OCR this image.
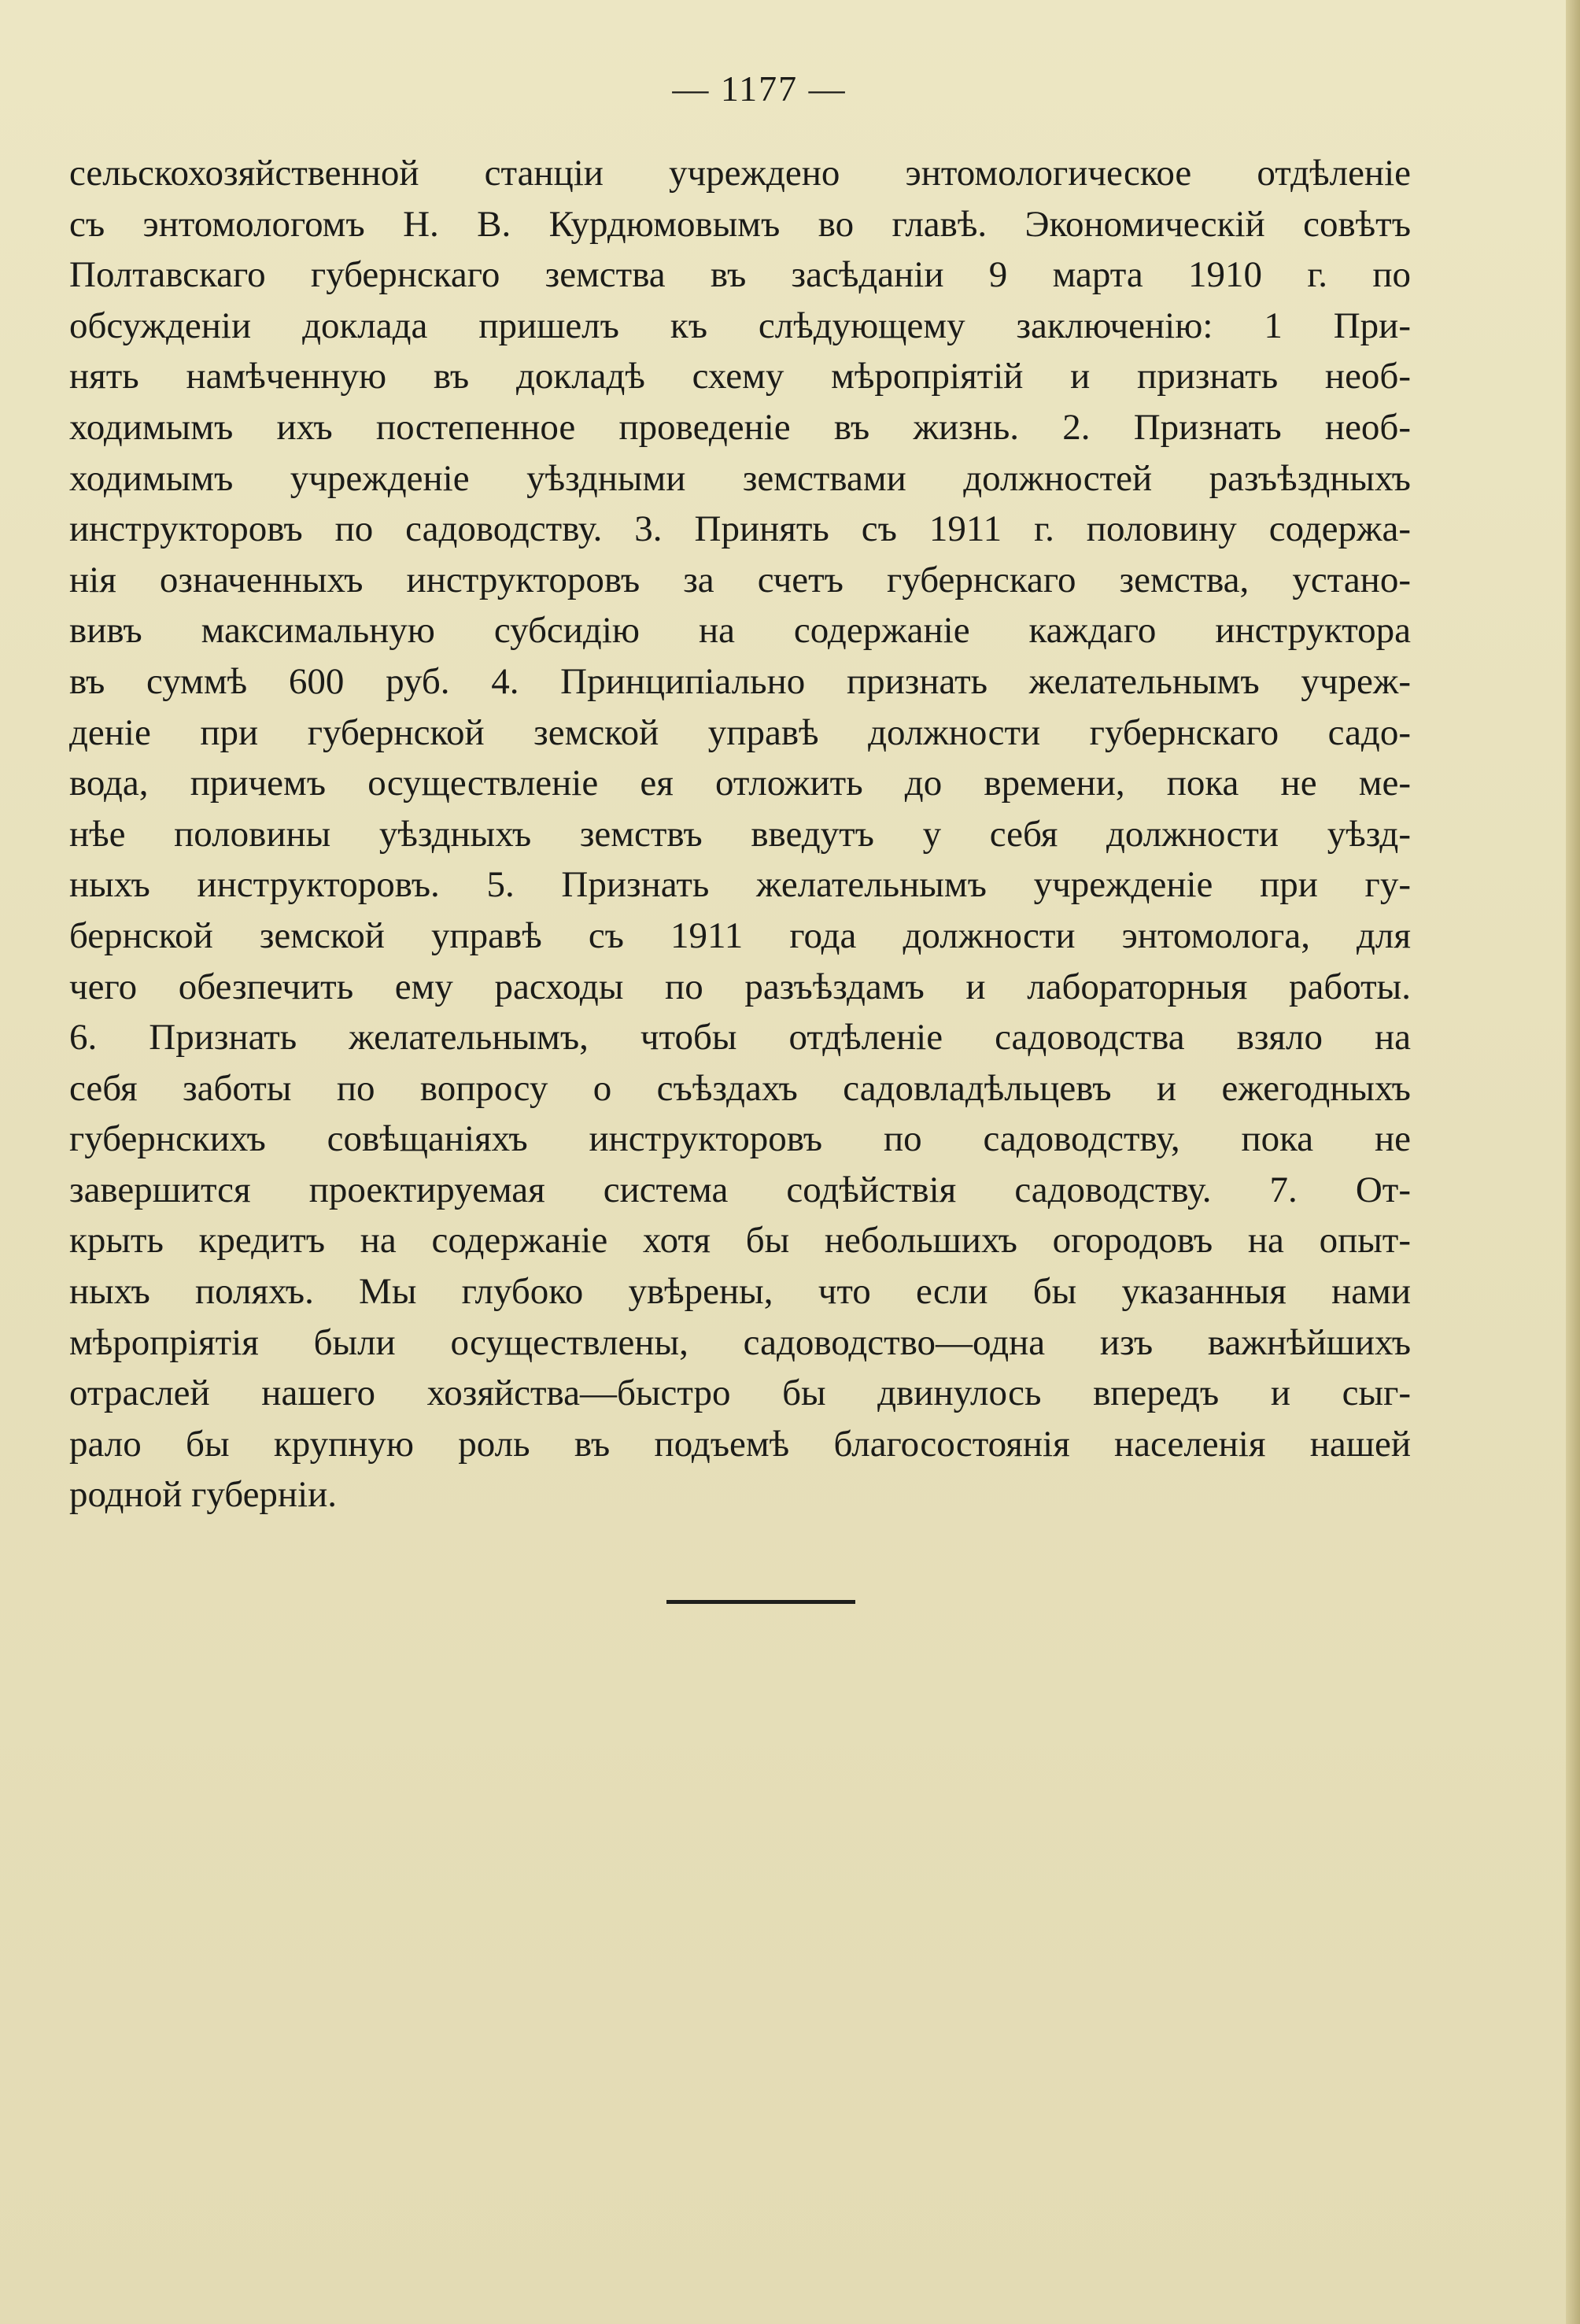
— 1177 —
сельскохозяйственной станціи учреждено энтомологическое отдѣленіе
съ энтомологомъ Н. В. Курдюмовымъ во главѣ. Экономическій совѣтъ
Полтавскаго губернскаго земства въ засѣданіи 9 марта 1910 г. по
обсужденіи доклада пришелъ къ слѣдующему заключенію: 1 При-
нять намѣченную въ докладѣ схему мѣропріятій и признать необ-
ходимымъ ихъ постепенное проведеніе въ жизнь. 2. Признать необ-
ходимымъ учрежденіе уѣздными земствами должностей разъѣздныхъ
инструкторовъ по садоводству. 3. Принять съ 1911 г. половину содержа-
нія означенныхъ инструкторовъ за счетъ губернскаго земства, устано-
вивъ максимальную субсидію на содержаніе каждаго инструктора
въ суммѣ 600 руб. 4. Принципіально признать желательнымъ учреж-
деніе при губернской земской управѣ должности губернскаго садо-
вода, причемъ осуществленіе ея отложить до времени, пока не ме-
нѣе половины уѣздныхъ земствъ введутъ у себя должности уѣзд-
ныхъ инструкторовъ. 5. Признать желательнымъ учрежденіе при гу-
бернской земской управѣ съ 1911 года должности энтомолога, для
чего обезпечить ему расходы по разъѣздамъ и лабораторныя работы.
6. Признать желательнымъ, чтобы отдѣленіе садоводства взяло на
себя заботы по вопросу о съѣздахъ садовладѣльцевъ и ежегодныхъ
губернскихъ совѣщаніяхъ инструкторовъ по садоводству, пока не
завершится проектируемая система содѣйствія садоводству. 7. От-
крыть кредитъ на содержаніе хотя бы небольшихъ огородовъ на опыт-
ныхъ поляхъ. Мы глубоко увѣрены, что если бы указанныя нами
мѣропріятія были осуществлены, садоводство—одна изъ важнѣйшихъ
отраслей нашего хозяйства—быстро бы двинулось впередъ и сыг-
рало бы крупную роль въ подъемѣ благосостоянія населенія нашей
родной губерніи.
